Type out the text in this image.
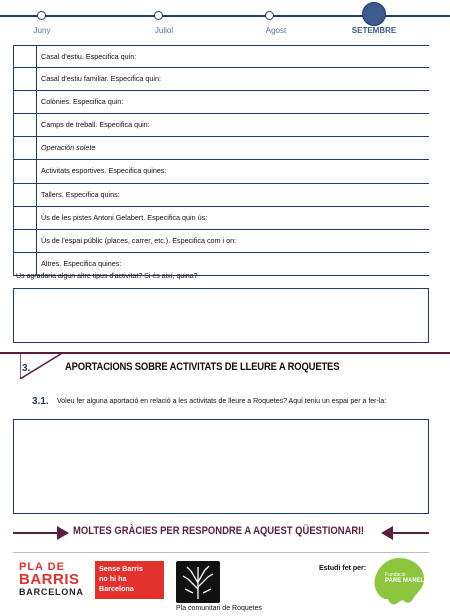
Juny	Juliol	Agost	SETEMBRE
Casal d'estiu. Especifica quin:
Casal d'estiu familiar. Especifica quin:
Colònies. Especifica quin:
Camps de treball. Especifica quin:
Operación solete
Activitats esportives. Especifica quines:
Tallers. Especifica quins:
Ús de les pistes Antoni Gelabert. Especifica quin ús:
Ús de l'espai públic (places, carrer, etc.). Especifica com i on:
Altres. Especifica quines:
Us agradaria algun altre tipus d'activitat? Si és així, quina?
3.	APORTACIONS SOBRE ACTIVITATS DE LLEURE A ROQUETES
3.1. Voleu fer alguna aportació en relació a les activitats de lleure a Roquetes? Aquí teniu un espai per a fer-la:
MOLTES GRÀCIES PER RESPONDRE A AQUEST QÜESTIONARI!
PLA DE
BARRIS
BARCELONA
Sense Barris
no hi ha
Barcelona
Pla comunitari de Roquetes
Estudi fet per:
Fundació
PARE MANEL
